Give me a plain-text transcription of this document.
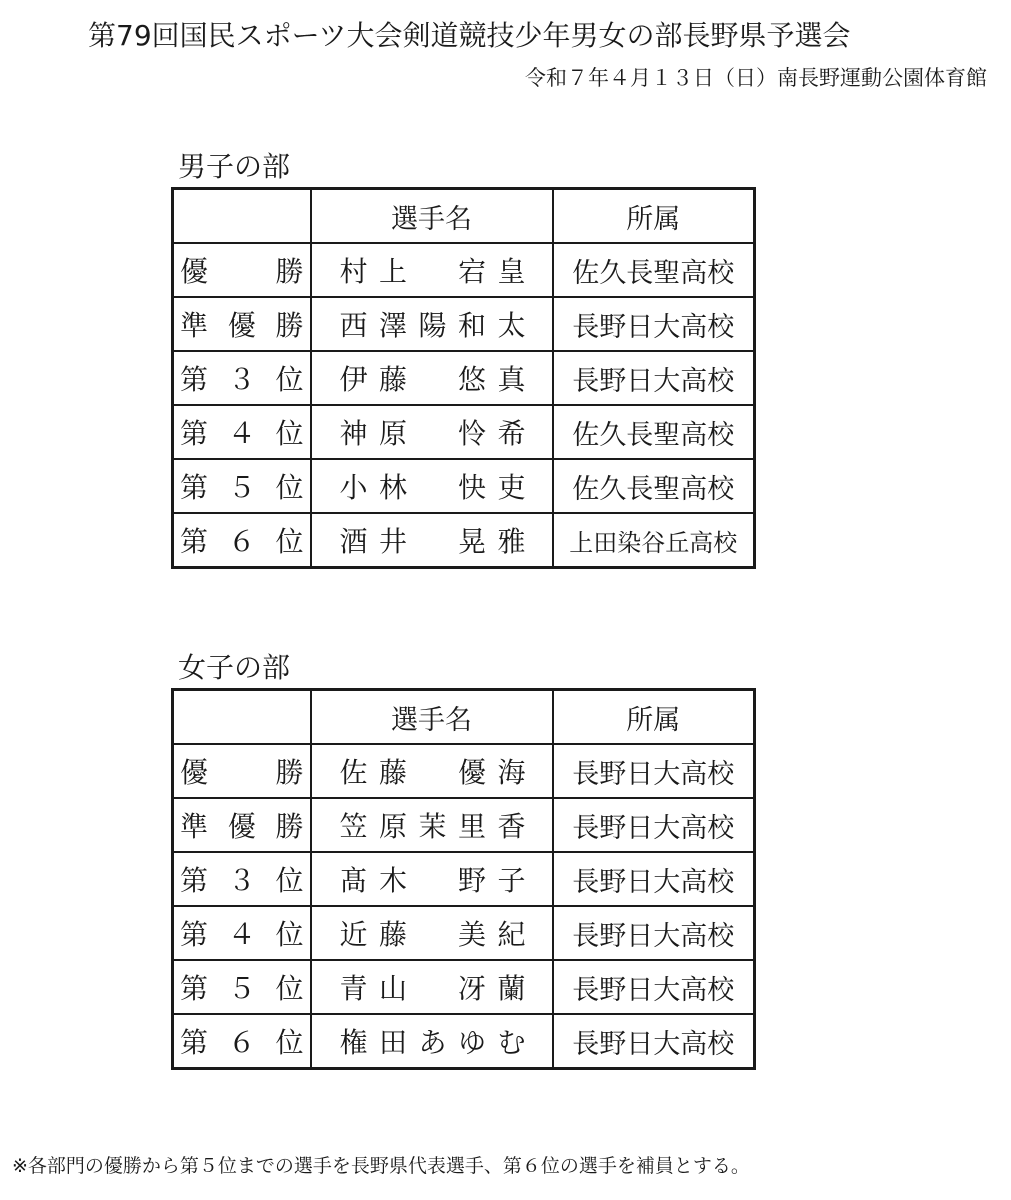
第79回国民スポーツ大会剣道競技少年男女の部長野県予選会
令和７年４月１３日（日）南長野運動公園体育館
男子の部
	選手名	所属
優　勝	村上　宕皇	佐久長聖高校
準優勝	西澤陽和太	長野日大高校
第３位	伊藤　悠真	長野日大高校
第４位	神原　怜希	佐久長聖高校
第５位	小林　快吏	佐久長聖高校
第６位	酒井　晃雅	上田染谷丘高校
女子の部
	選手名	所属
優　勝	佐藤　優海	長野日大高校
準優勝	笠原茉里香	長野日大高校
第３位	髙木　野子	長野日大高校
第４位	近藤　美紀	長野日大高校
第５位	青山　冴蘭	長野日大高校
第６位	権田あゆむ	長野日大高校
※各部門の優勝から第５位までの選手を長野県代表選手、第６位の選手を補員とする。
